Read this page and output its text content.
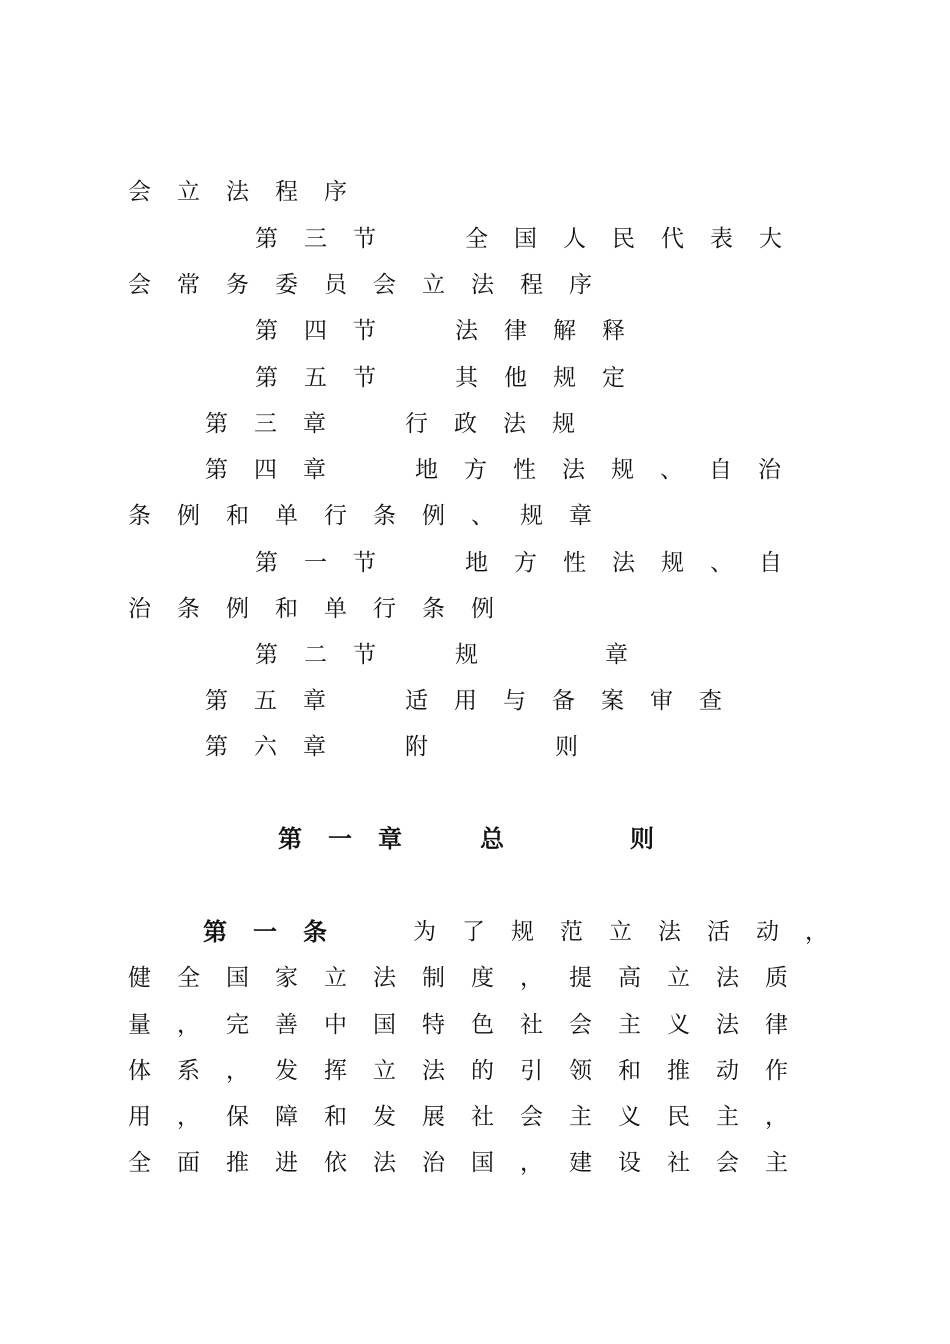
会立法程序
第三节	全国人民代表大
会常务委员会立法程序
第四节 法律解释
第五节 其他规定
第三章 行政法规
第四章	地方性法规、自治
条例和单行条例、规章
第一节	地方性法规、自
治条例和单行条例
第二节 规	章
第五章 适用与备案审查
第六章 附	则
第一章 总	则
第一条	为了规范立法活动，
健全国家立法制度，提高立法质
量，完善中国特色社会主义法律
体系，发挥立法的引领和推动作
用，保障和发展社会主义民主，
全面推进依法治国，建设社会主
